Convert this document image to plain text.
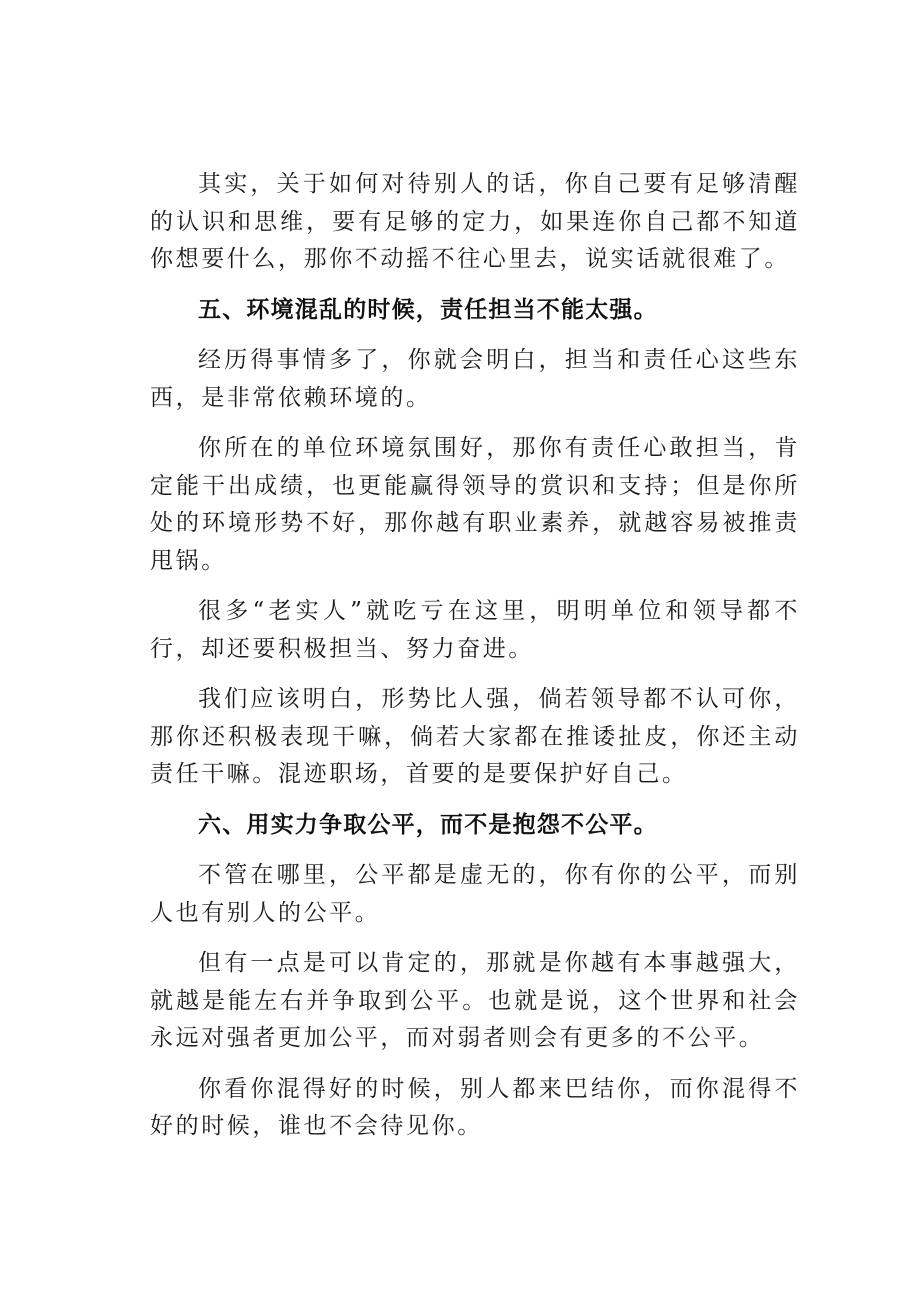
其实，关于如何对待别人的话，你自己要有足够清醒的认识和思维，要有足够的定力，如果连你自己都不知道你想要什么，那你不动摇不往心里去，说实话就很难了。

五、环境混乱的时候，责任担当不能太强。

经历得事情多了，你就会明白，担当和责任心这些东西，是非常依赖环境的。

你所在的单位环境氛围好，那你有责任心敢担当，肯定能干出成绩，也更能赢得领导的赏识和支持；但是你所处的环境形势不好，那你越有职业素养，就越容易被推责甩锅。

很多“老实人”就吃亏在这里，明明单位和领导都不行，却还要积极担当、努力奋进。

我们应该明白，形势比人强，倘若领导都不认可你，那你还积极表现干嘛，倘若大家都在推诿扯皮，你还主动责任干嘛。混迹职场，首要的是要保护好自己。

六、用实力争取公平，而不是抱怨不公平。

不管在哪里，公平都是虚无的，你有你的公平，而别人也有别人的公平。

但有一点是可以肯定的，那就是你越有本事越强大，就越是能左右并争取到公平。也就是说，这个世界和社会永远对强者更加公平，而对弱者则会有更多的不公平。

你看你混得好的时候，别人都来巴结你，而你混得不好的时候，谁也不会待见你。
